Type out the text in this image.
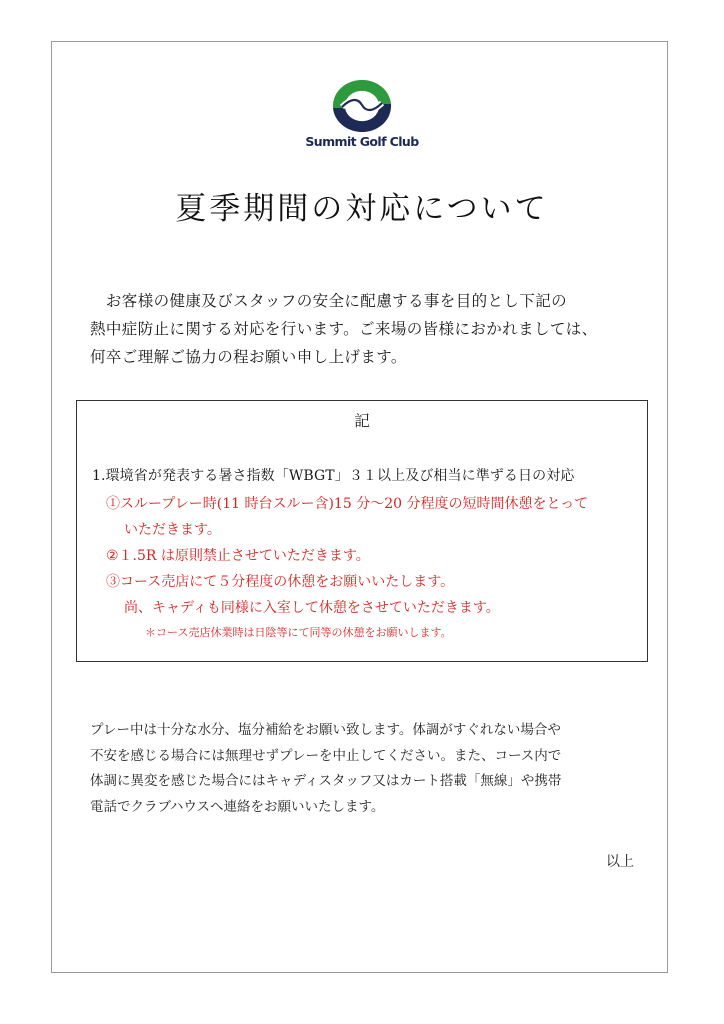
Summit Golf Club
夏季期間の対応について
　お客様の健康及びスタッフの安全に配慮する事を目的とし下記の
熱中症防止に関する対応を行います。ご来場の皆様におかれましては、
何卒ご理解ご協力の程お願い申し上げます。
記
1.環境省が発表する暑さ指数「WBGT」３１以上及び相当に準ずる日の対応
①スループレー時(11 時台スルー含)15 分～20 分程度の短時間休憩をとって
いただきます。
②１.5R は原則禁止させていただきます。
③コース売店にて５分程度の休憩をお願いいたします。
尚、キャディも同様に入室して休憩をさせていただきます。
＊コース売店休業時は日陰等にて同等の休憩をお願いします。
プレー中は十分な水分、塩分補給をお願い致します。体調がすぐれない場合や
不安を感じる場合には無理せずプレーを中止してください。また、コース内で
体調に異変を感じた場合にはキャディスタッフ又はカート搭載「無線」や携帯
電話でクラブハウスへ連絡をお願いいたします。
以上
